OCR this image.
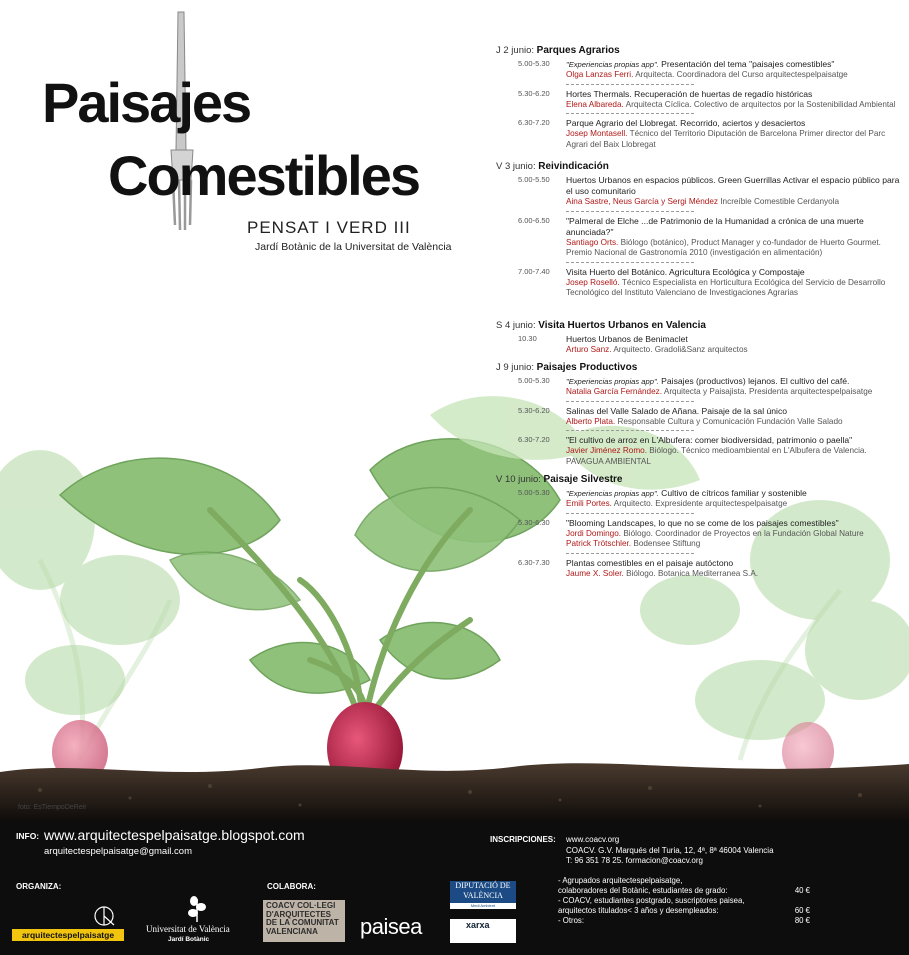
Paisajes
Comestibles
PENSAT I VERD III
Jardí Botànic de la Universitat de València
J 2 junio: Parques Agrarios
5.00-5.30 "Experiencias propias app". Presentación del tema "paisajes comestibles"
Olga Lanzas Ferri. Arquitecta. Coordinadora del Curso arquitectespelpaisatge
5.30-6.20 Hortes Thermals. Recuperación de huertas de regadío históricas
Elena Albareda. Arquitecta Cíclica. Colectivo de arquitectos por la Sostenibilidad Ambiental
6.30-7.20 Parque Agrario del Llobregat. Recorrido, aciertos y desaciertos
Josep Montasell. Técnico del Territorio Diputación de Barcelona Primer director del Parc Agrari del Baix Llobregat
V 3 junio: Reivindicación
5.00-5.50 Huertos Urbanos en espacios públicos. Green Guerrillas Activar el espacio público para el uso comunitario
Aina Sastre, Neus García y Sergi Méndez Increíble Comestible Cerdanyola
6.00-6.50 "Palmeral de Elche ...de Patrimonio de la Humanidad a crónica de una muerte anunciada?"
Santiago Orts. Biólogo (botánico), Product Manager y co-fundador de Huerto Gourmet. Premio Nacional de Gastronomía 2010 (investigación en alimentación)
7.00-7.40 Visita Huerto del Botánico. Agricultura Ecológica y Compostaje
Josep Roselló. Técnico Especialista en Horticultura Ecológica del Servicio de Desarrollo Tecnológico del Instituto Valenciano de Investigaciones Agrarias
S 4 junio: Visita Huertos Urbanos en Valencia
10.30	Huertos Urbanos de Benimaclet
Arturo Sanz. Arquitecto. Gradoli&Sanz arquitectos
J 9 junio: Paisajes Productivos
5.00-5.30 "Experiencias propias app". Paisajes (productivos) lejanos. El cultivo del café.
Natalia García Fernández. Arquitecta y Paisajista. Presidenta arquitectespelpaisatge
5.30-6.20 Salinas del Valle Salado de Añana. Paisaje de la sal único
Alberto Plata. Responsable Cultura y Comunicación Fundación Valle Salado
6.30-7.20 "El cultivo de arroz en L'Albufera: comer biodiversidad, patrimonio o paella"
Javier Jiménez Romo. Biólogo. Técnico medioambiental en L'Albufera de Valencia. PAVAGUA AMBIENTAL
V 10 junio: Paisaje Silvestre
5.00-5.30 "Experiencias propias app". Cultivo de cítricos familiar y sostenible
Emili Portes. Arquitecto. Expresidente arquitectespelpaisatge
5.30-6.30 "Blooming Landscapes, lo que no se come de los paisajes comestibles"
Jordi Domingo. Biólogo. Coordinador de Proyectos en la Fundación Global Nature
Patrick Trötschler. Bodensee Stiftung
6.30-7.30 Plantas comestibles en el paisaje autóctono
Jaume X. Soler. Biólogo. Botanica Mediterranea S.A.
foto: EsTiempoDeReir
INFO: www.arquitectespelpaisatge.blogspot.com
arquitectespelpaisatge@gmail.com
INSCRIPCIONES: www.coacv.org
COACV. G.V. Marqués del Turia, 12, 4ª, 8ª 46004 Valencia
T: 96 351 78 25. formacion@coacv.org
ORGANIZA:	COLABORA:
- Agrupados arquitectespelpaisatge,
colaboradores del Botànic, estudiantes de grado:	40 €
- COACV, estudiantes postgrado, suscriptores paisea,
arquitectos titulados< 3 años y desempleados:	60 €
- Otros:	80 €
arquitectespelpaisatge
Universitat de València
Jardí Botànic
COACV COL·LEGI D'ARQUITECTES DE LA COMUNITAT VALENCIANA	paisea
DIPUTACIÓ DE VALÈNCIA
Medi Ambient
xarxa
